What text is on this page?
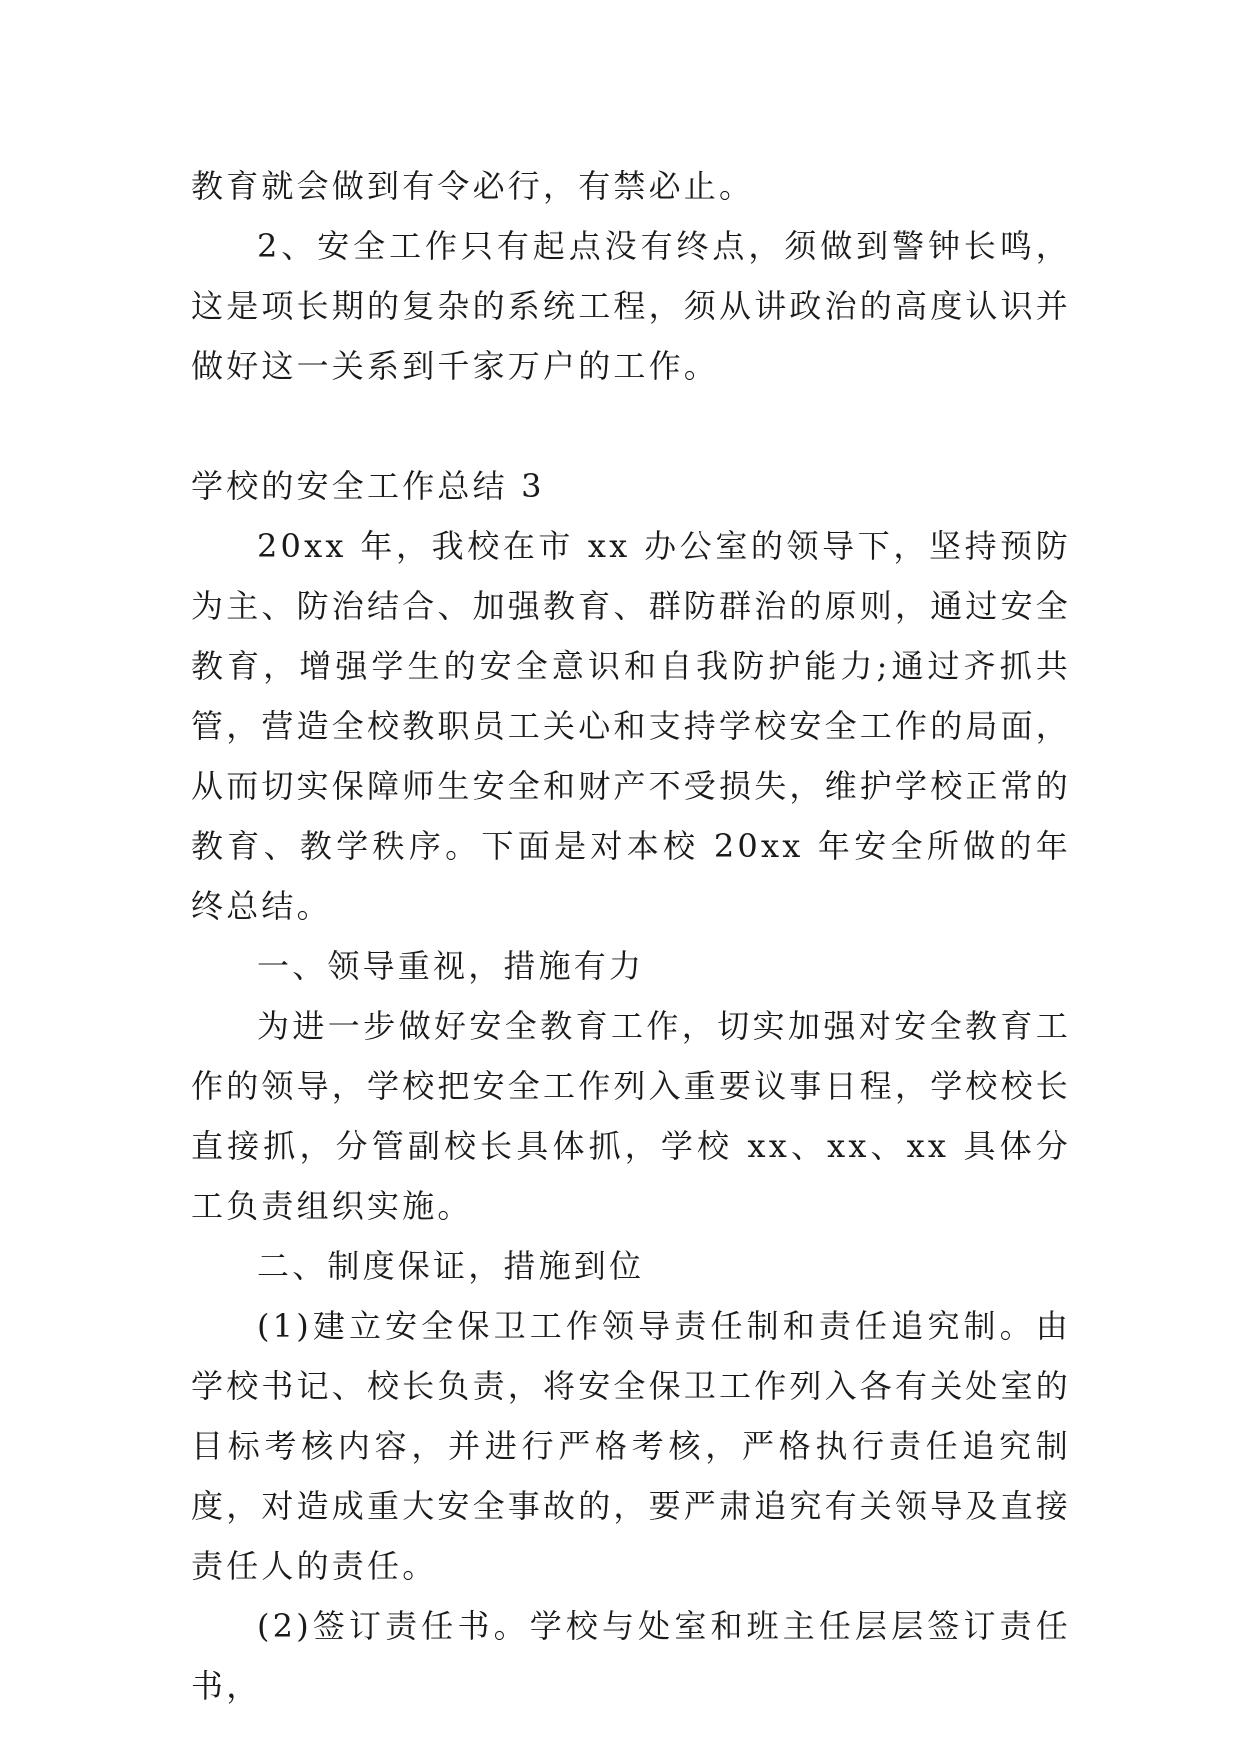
教育就会做到有令必行，有禁必止。

2、安全工作只有起点没有终点，须做到警钟长鸣，这是项长期的复杂的系统工程，须从讲政治的高度认识并做好这一关系到千家万户的工作。

学校的安全工作总结 3

20xx 年，我校在市 xx 办公室的领导下，坚持预防为主、防治结合、加强教育、群防群治的原则，通过安全教育，增强学生的安全意识和自我防护能力;通过齐抓共管，营造全校教职员工关心和支持学校安全工作的局面，从而切实保障师生安全和财产不受损失，维护学校正常的教育、教学秩序。下面是对本校 20xx 年安全所做的年终总结。

一、领导重视，措施有力

为进一步做好安全教育工作，切实加强对安全教育工作的领导，学校把安全工作列入重要议事日程，学校校长直接抓，分管副校长具体抓，学校 xx、xx、xx 具体分工负责组织实施。

二、制度保证，措施到位

(1)建立安全保卫工作领导责任制和责任追究制。由学校书记、校长负责，将安全保卫工作列入各有关处室的目标考核内容，并进行严格考核，严格执行责任追究制度，对造成重大安全事故的，要严肃追究有关领导及直接责任人的责任。

(2)签订责任书。学校与处室和班主任层层签订责任书，
